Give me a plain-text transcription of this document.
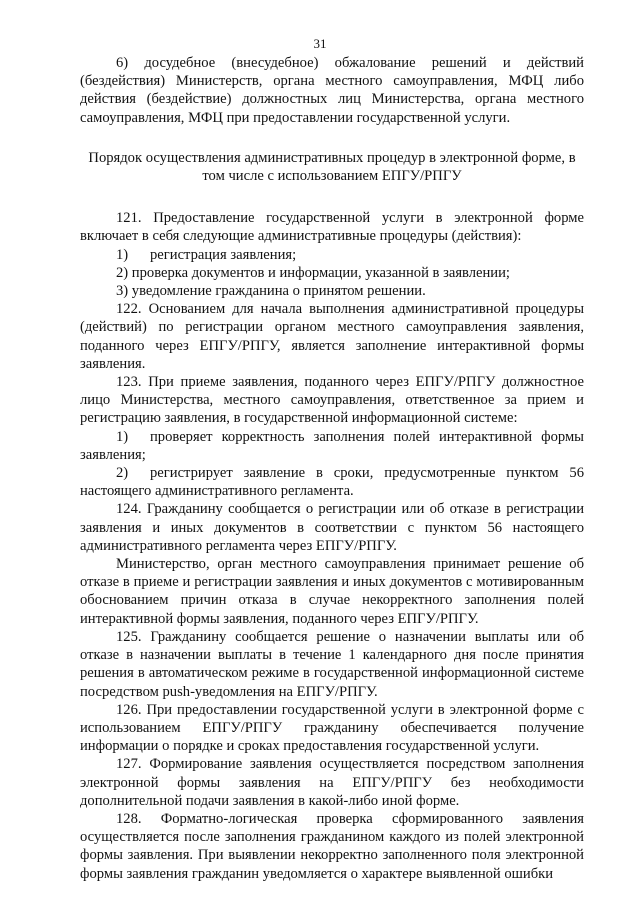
31

6) досудебное (внесудебное) обжалование решений и действий (бездействия) Министерств, органа местного самоуправления, МФЦ либо действия (бездействие) должностных лиц Министерства, органа местного самоуправления, МФЦ при предоставлении государственной услуги.

Порядок осуществления административных процедур в электронной форме, в том числе с использованием ЕПГУ/РПГУ

121. Предоставление государственной услуги в электронной форме включает в себя следующие административные процедуры (действия):

1) регистрация заявления;

2) проверка документов и информации, указанной в заявлении;

3) уведомление гражданина о принятом решении.

122. Основанием для начала выполнения административной процедуры (действий) по регистрации органом местного самоуправления заявления, поданного через ЕПГУ/РПГУ, является заполнение интерактивной формы заявления.

123. При приеме заявления, поданного через ЕПГУ/РПГУ должностное лицо Министерства, местного самоуправления, ответственное за прием и регистрацию заявления, в государственной информационной системе:

1) проверяет корректность заполнения полей интерактивной формы заявления;

2) регистрирует заявление в сроки, предусмотренные пунктом 56 настоящего административного регламента.

124. Гражданину сообщается о регистрации или об отказе в регистрации заявления и иных документов в соответствии с пунктом 56 настоящего административного регламента через ЕПГУ/РПГУ.

Министерство, орган местного самоуправления принимает решение об отказе в приеме и регистрации заявления и иных документов с мотивированным обоснованием причин отказа в случае некорректного заполнения полей интерактивной формы заявления, поданного через ЕПГУ/РПГУ.

125. Гражданину сообщается решение о назначении выплаты или об отказе в назначении выплаты в течение 1 календарного дня после принятия решения в автоматическом режиме в государственной информационной системе посредством push-уведомления на ЕПГУ/РПГУ.

126. При предоставлении государственной услуги в электронной форме с использованием ЕПГУ/РПГУ гражданину обеспечивается получение информации о порядке и сроках предоставления государственной услуги.

127. Формирование заявления осуществляется посредством заполнения электронной формы заявления на ЕПГУ/РПГУ без необходимости дополнительной подачи заявления в какой-либо иной форме.

128. Форматно-логическая проверка сформированного заявления осуществляется после заполнения гражданином каждого из полей электронной формы заявления. При выявлении некорректно заполненного поля электронной формы заявления гражданин уведомляется о характере выявленной ошибки
